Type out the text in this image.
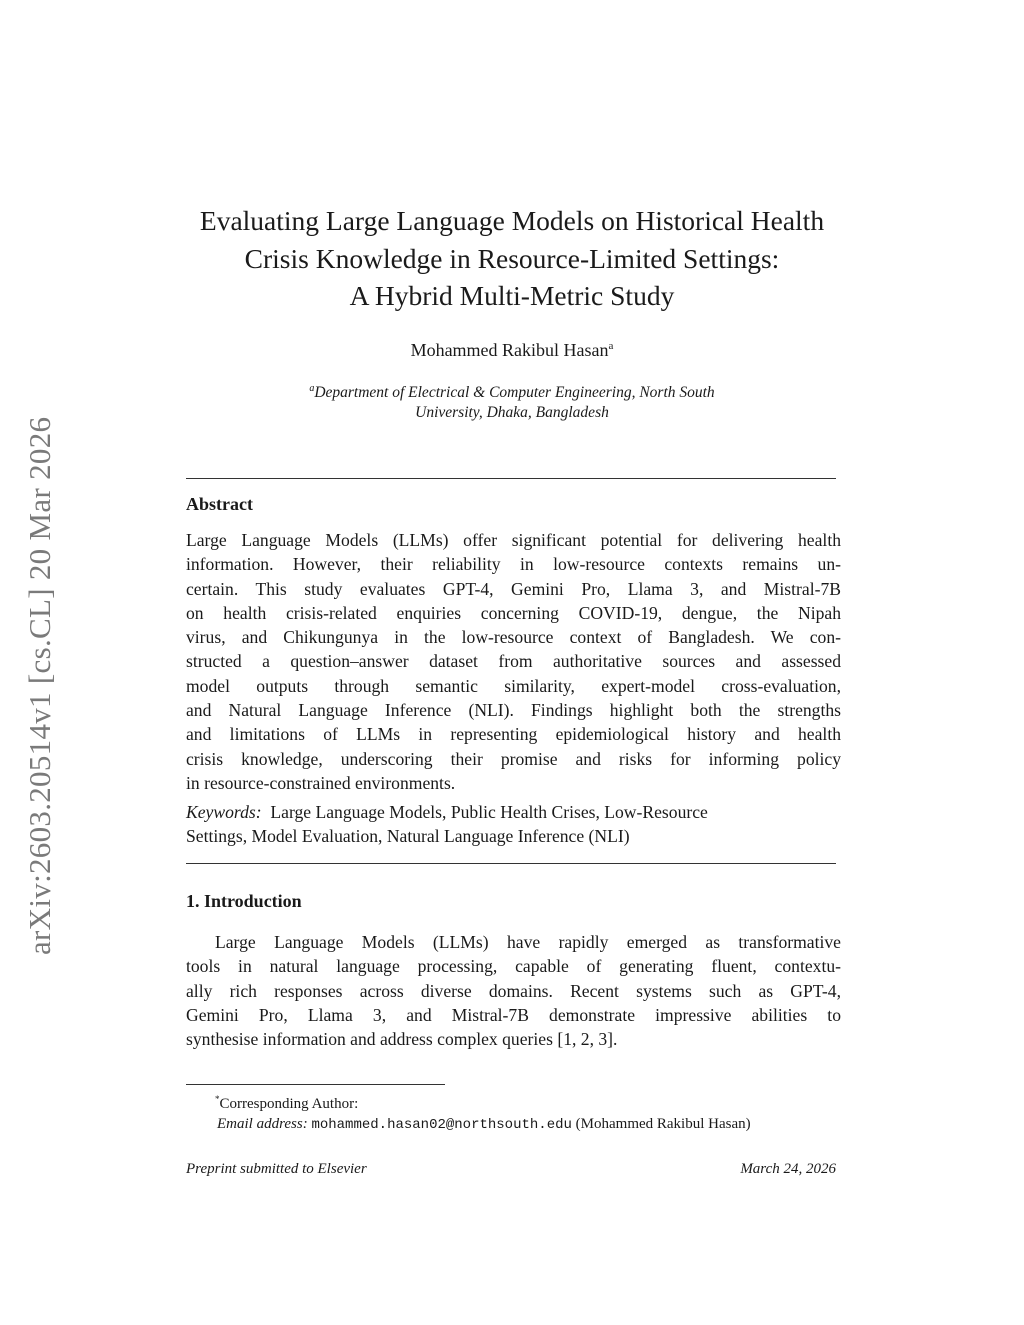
arXiv:2603.20514v1 [cs.CL] 20 Mar 2026
Evaluating Large Language Models on Historical Health
Crisis Knowledge in Resource-Limited Settings:
A Hybrid Multi-Metric Study
Mohammed Rakibul Hasan$^a$
$^a$Department of Electrical & Computer Engineering, North South
University, Dhaka, Bangladesh
Abstract
Large Language Models (LLMs) offer significant potential for delivering health
information. However, their reliability in low-resource contexts remains un-
certain. This study evaluates GPT-4, Gemini Pro, Llama 3, and Mistral-7B
on health crisis-related enquiries concerning COVID-19, dengue, the Nipah
virus, and Chikungunya in the low-resource context of Bangladesh. We con-
structed a question–answer dataset from authoritative sources and assessed
model outputs through semantic similarity, expert-model cross-evaluation,
and Natural Language Inference (NLI). Findings highlight both the strengths
and limitations of LLMs in representing epidemiological history and health
crisis knowledge, underscoring their promise and risks for informing policy
in resource-constrained environments.
Keywords: Large Language Models, Public Health Crises, Low-Resource
Settings, Model Evaluation, Natural Language Inference (NLI)
1. Introduction
Large Language Models (LLMs) have rapidly emerged as transformative
tools in natural language processing, capable of generating fluent, contextu-
ally rich responses across diverse domains. Recent systems such as GPT-4,
Gemini Pro, Llama 3, and Mistral-7B demonstrate impressive abilities to
synthesise information and address complex queries [1, 2, 3].
*Corresponding Author:
Email address: mohammed.hasan02@northsouth.edu (Mohammed Rakibul Hasan)
Preprint submitted to Elsevier	March 24, 2026
